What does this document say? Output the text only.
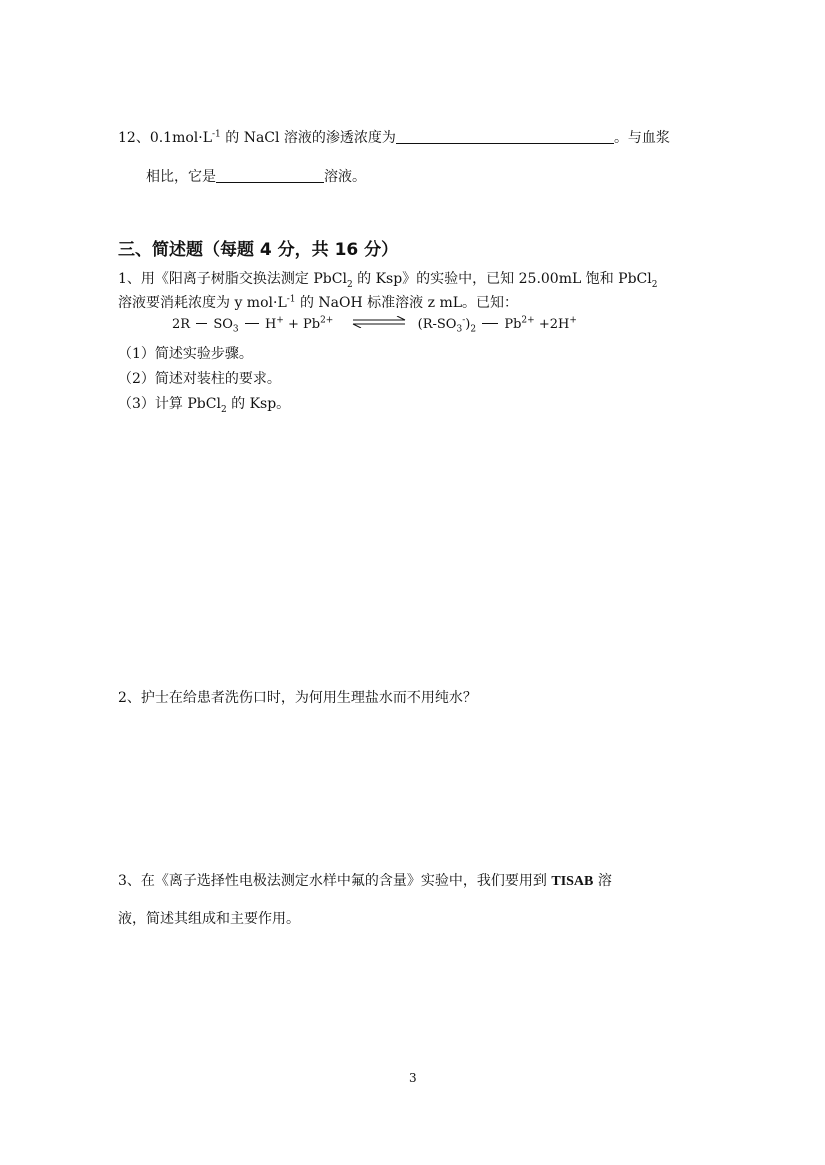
12、$0.1mol\cdot L^{-1}$ 的 NaCl 溶液的渗透浓度为	。与血浆
相比，它是	溶液。
三、简述题（每题 4 分，共 16 分）
1、用《阳离子树脂交换法测定 PbCl$_2$ 的 Ksp》的实验中，已知 25.00mL 饱和 PbCl$_2$
溶液要消耗浓度为 y $mol\cdot L^{-1}$ 的 NaOH 标准溶液 z mL。已知：
2R $SO_3$ $H^+ + Pb^{2+}$	$(R-SO_3^-)_2$ $Pb^{2+} +2H^+$
（1）简述实验步骤。
（2）简述对装柱的要求。
（3）计算 PbCl$_2$ 的 Ksp。
2、护士在给患者洗伤口时，为何用生理盐水而不用纯水？
3、在《离子选择性电极法测定水样中氟的含量》实验中，我们要用到 TISAB 溶
液，简述其组成和主要作用。
3
